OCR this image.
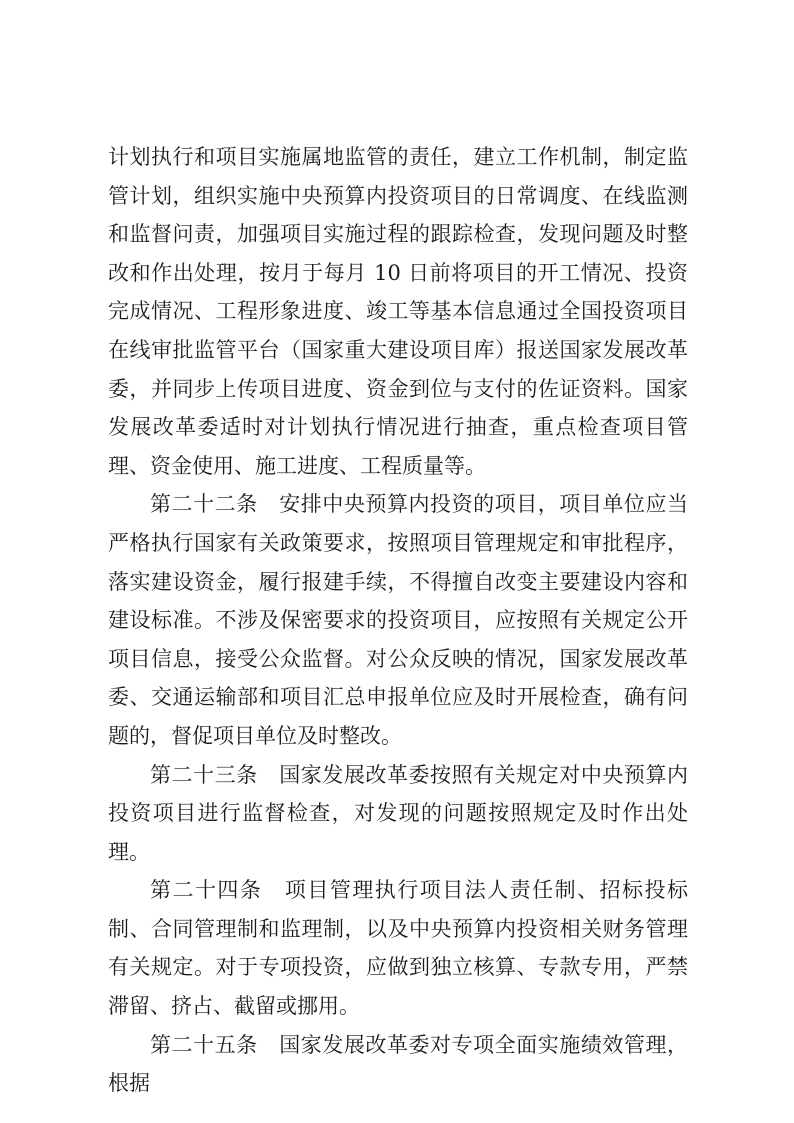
计划执行和项目实施属地监管的责任，建立工作机制，制定监管计划，组织实施中央预算内投资项目的日常调度、在线监测和监督问责，加强项目实施过程的跟踪检查，发现问题及时整改和作出处理，按月于每月 10 日前将项目的开工情况、投资完成情况、工程形象进度、竣工等基本信息通过全国投资项目在线审批监管平台（国家重大建设项目库）报送国家发展改革委，并同步上传项目进度、资金到位与支付的佐证资料。国家发展改革委适时对计划执行情况进行抽查，重点检查项目管理、资金使用、施工进度、工程质量等。

第二十二条 安排中央预算内投资的项目，项目单位应当严格执行国家有关政策要求，按照项目管理规定和审批程序，落实建设资金，履行报建手续，不得擅自改变主要建设内容和建设标准。不涉及保密要求的投资项目，应按照有关规定公开项目信息，接受公众监督。对公众反映的情况，国家发展改革委、交通运输部和项目汇总申报单位应及时开展检查，确有问题的，督促项目单位及时整改。

第二十三条 国家发展改革委按照有关规定对中央预算内投资项目进行监督检查，对发现的问题按照规定及时作出处理。

第二十四条 项目管理执行项目法人责任制、招标投标制、合同管理制和监理制，以及中央预算内投资相关财务管理有关规定。对于专项投资，应做到独立核算、专款专用，严禁滞留、挤占、截留或挪用。

第二十五条 国家发展改革委对专项全面实施绩效管理，根据
